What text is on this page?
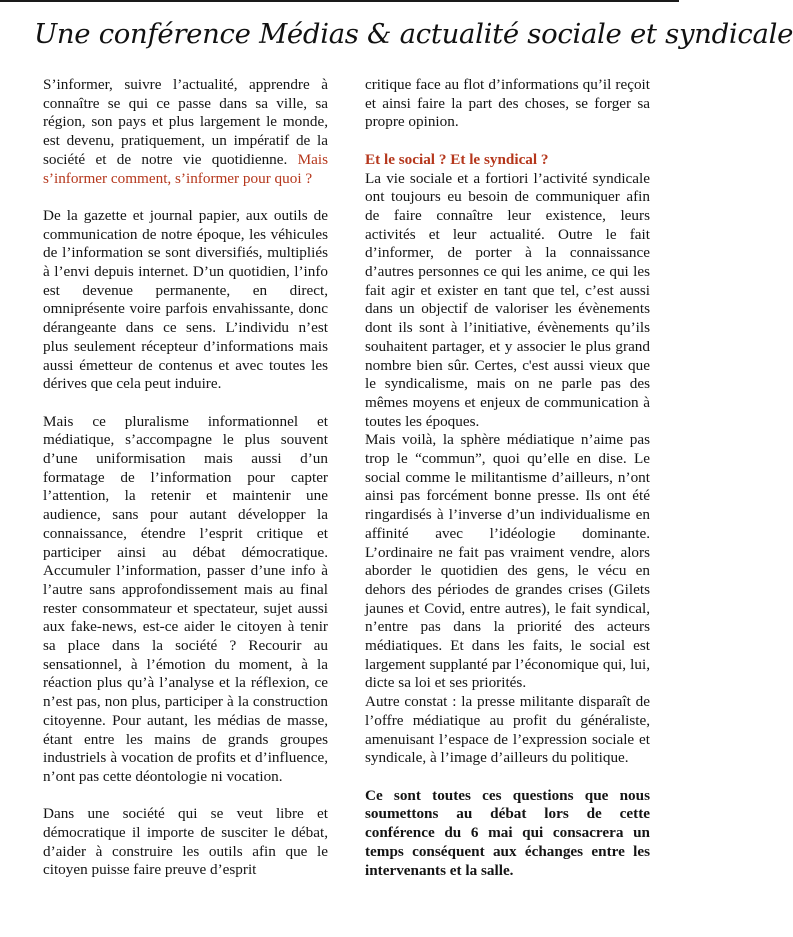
Une conférence Médias & actualité sociale et syndicale

S’informer, suivre l’actualité, apprendre à connaître se qui ce passe dans sa ville, sa région, son pays et plus largement le monde, est devenu, pratiquement, un impératif de la société et de notre vie quotidienne. Mais s’informer comment, s’informer pour quoi ?

De la gazette et journal papier, aux outils de communication de notre époque, les véhicules de l’information se sont diversifiés, multipliés à l’envi depuis internet. D’un quotidien, l’info est devenue permanente, en direct, omniprésente voire parfois envahissante, donc dérangeante dans ce sens. L’individu n’est plus seulement récepteur d’informations mais aussi émetteur de contenus et avec toutes les dérives que cela peut induire.

Mais ce pluralisme informationnel et médiatique, s’accompagne le plus souvent d’une uniformisation mais aussi d’un formatage de l’information pour capter l’attention, la retenir et maintenir une audience, sans pour autant développer la connaissance, étendre l’esprit critique et participer ainsi au débat démocratique. Accumuler l’information, passer d’une info à l’autre sans approfondissement mais au final rester consommateur et spectateur, sujet aussi aux fake-news, est-ce aider le citoyen à tenir sa place dans la société ? Recourir au sensationnel, à l’émotion du moment, à la réaction plus qu’à l’analyse et la réflexion, ce n’est pas, non plus, participer à la construction citoyenne. Pour autant, les médias de masse, étant entre les mains de grands groupes industriels à vocation de profits et d’influence, n’ont pas cette déontologie ni vocation.

Dans une société qui se veut libre et démocratique il importe de susciter le débat, d’aider à construire les outils afin que le citoyen puisse faire preuve d’esprit

critique face au flot d’informations qu’il reçoit et ainsi faire la part des choses, se forger sa propre opinion.

Et le social ? Et le syndical ?

La vie sociale et a fortiori l’activité syndicale ont toujours eu besoin de communiquer afin de faire connaître leur existence, leurs activités et leur actualité. Outre le fait d’informer, de porter à la connaissance d’autres personnes ce qui les anime, ce qui les fait agir et exister en tant que tel, c’est aussi dans un objectif de valoriser les évènements dont ils sont à l’initiative, évènements qu’ils souhaitent partager, et y associer le plus grand nombre bien sûr. Certes, c'est aussi vieux que le syndicalisme, mais on ne parle pas des mêmes moyens et enjeux de communication à toutes les époques.

Mais voilà, la sphère médiatique n’aime pas trop le “commun”, quoi qu’elle en dise. Le social comme le militantisme d’ailleurs, n’ont ainsi pas forcément bonne presse. Ils ont été ringardisés à l’inverse d’un individualisme en affinité avec l’idéologie dominante. L’ordinaire ne fait pas vraiment vendre, alors aborder le quotidien des gens, le vécu en dehors des périodes de grandes crises (Gilets jaunes et Covid, entre autres), le fait syndical, n’entre pas dans la priorité des acteurs médiatiques. Et dans les faits, le social est largement supplanté par l’économique qui, lui, dicte sa loi et ses priorités.

Autre constat : la presse militante disparaît de l’offre médiatique au profit du généraliste, amenuisant l’espace de l’expression sociale et syndicale, à l’image d’ailleurs du politique.

Ce sont toutes ces questions que nous soumettons au débat lors de cette conférence du 6 mai qui consacrera un temps conséquent aux échanges entre les intervenants et la salle.
